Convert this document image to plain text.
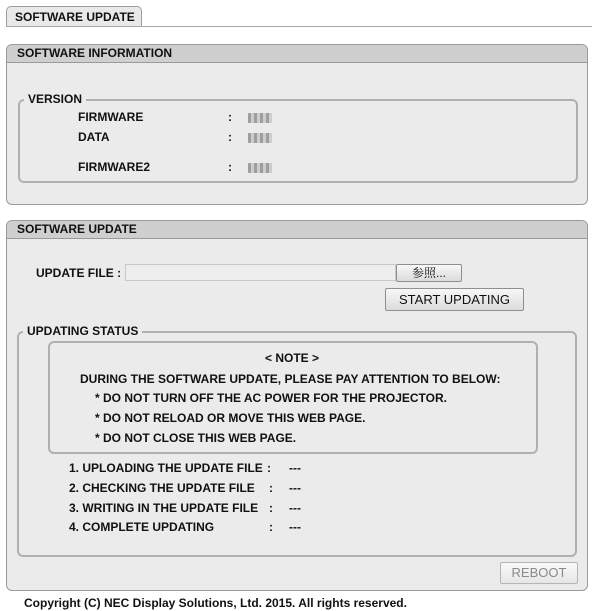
SOFTWARE UPDATE
SOFTWARE INFORMATION
VERSION
FIRMWARE	:
DATA	:
FIRMWARE2	:
SOFTWARE UPDATE
UPDATE FILE :	参照...
START UPDATING
UPDATING STATUS
< NOTE >
DURING THE SOFTWARE UPDATE, PLEASE PAY ATTENTION TO BELOW:
* DO NOT TURN OFF THE AC POWER FOR THE PROJECTOR.
* DO NOT RELOAD OR MOVE THIS WEB PAGE.
* DO NOT CLOSE THIS WEB PAGE.
1. UPLOADING THE UPDATE FILE : ---
2. CHECKING THE UPDATE FILE : ---
3. WRITING IN THE UPDATE FILE : ---
4. COMPLETE UPDATING	: ---
REBOOT
Copyright (C) NEC Display Solutions, Ltd. 2015. All rights reserved.
